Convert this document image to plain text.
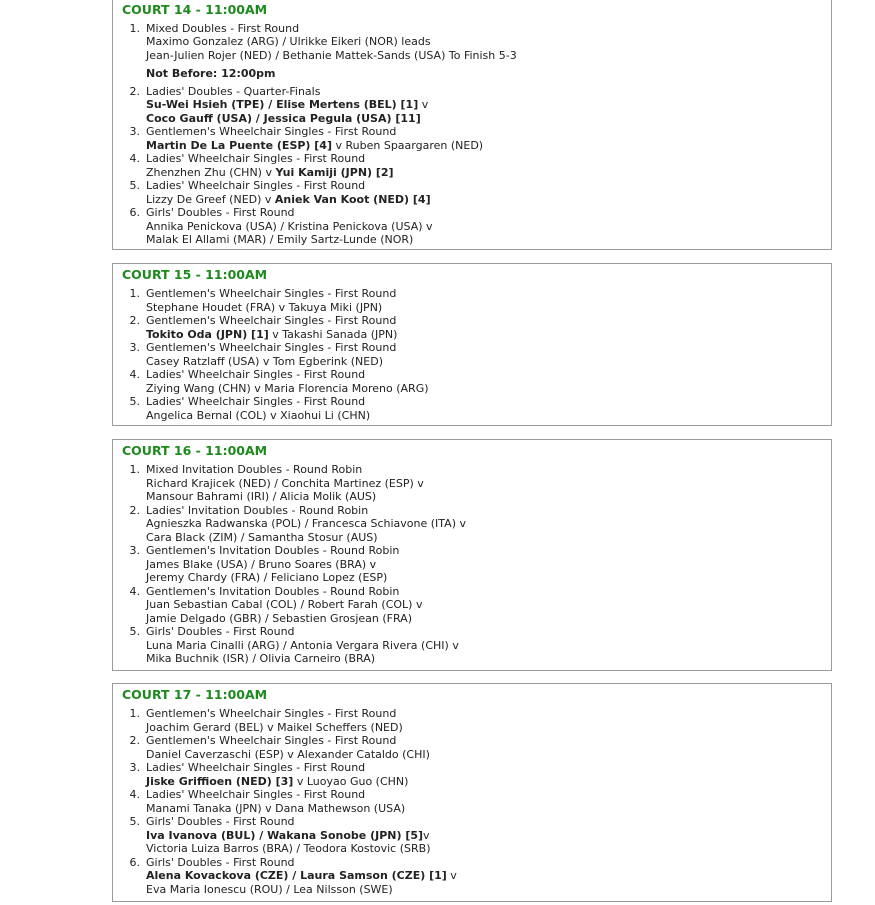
COURT 14 - 11:00AM
1. Mixed Doubles - First Round
Maximo Gonzalez (ARG) / Ulrikke Eikeri (NOR) leads
Jean-Julien Rojer (NED) / Bethanie Mattek-Sands (USA) To Finish 5-3
Not Before: 12:00pm
2. Ladies' Doubles - Quarter-Finals
Su-Wei Hsieh (TPE) / Elise Mertens (BEL) [1] v
Coco Gauff (USA) / Jessica Pegula (USA) [11]
3. Gentlemen's Wheelchair Singles - First Round
Martin De La Puente (ESP) [4] v Ruben Spaargaren (NED)
4. Ladies' Wheelchair Singles - First Round
Zhenzhen Zhu (CHN) v Yui Kamiji (JPN) [2]
5. Ladies' Wheelchair Singles - First Round
Lizzy De Greef (NED) v Aniek Van Koot (NED) [4]
6. Girls' Doubles - First Round
Annika Penickova (USA) / Kristina Penickova (USA) v
Malak El Allami (MAR) / Emily Sartz-Lunde (NOR)
COURT 15 - 11:00AM
1. Gentlemen's Wheelchair Singles - First Round
Stephane Houdet (FRA) v Takuya Miki (JPN)
2. Gentlemen's Wheelchair Singles - First Round
Tokito Oda (JPN) [1] v Takashi Sanada (JPN)
3. Gentlemen's Wheelchair Singles - First Round
Casey Ratzlaff (USA) v Tom Egberink (NED)
4. Ladies' Wheelchair Singles - First Round
Ziying Wang (CHN) v Maria Florencia Moreno (ARG)
5. Ladies' Wheelchair Singles - First Round
Angelica Bernal (COL) v Xiaohui Li (CHN)
COURT 16 - 11:00AM
1. Mixed Invitation Doubles - Round Robin
Richard Krajicek (NED) / Conchita Martinez (ESP) v
Mansour Bahrami (IRI) / Alicia Molik (AUS)
2. Ladies' Invitation Doubles - Round Robin
Agnieszka Radwanska (POL) / Francesca Schiavone (ITA) v
Cara Black (ZIM) / Samantha Stosur (AUS)
3. Gentlemen's Invitation Doubles - Round Robin
James Blake (USA) / Bruno Soares (BRA) v
Jeremy Chardy (FRA) / Feliciano Lopez (ESP)
4. Gentlemen's Invitation Doubles - Round Robin
Juan Sebastian Cabal (COL) / Robert Farah (COL) v
Jamie Delgado (GBR) / Sebastien Grosjean (FRA)
5. Girls' Doubles - First Round
Luna Maria Cinalli (ARG) / Antonia Vergara Rivera (CHI) v
Mika Buchnik (ISR) / Olivia Carneiro (BRA)
COURT 17 - 11:00AM
1. Gentlemen's Wheelchair Singles - First Round
Joachim Gerard (BEL) v Maikel Scheffers (NED)
2. Gentlemen's Wheelchair Singles - First Round
Daniel Caverzaschi (ESP) v Alexander Cataldo (CHI)
3. Ladies' Wheelchair Singles - First Round
Jiske Griffioen (NED) [3] v Luoyao Guo (CHN)
4. Ladies' Wheelchair Singles - First Round
Manami Tanaka (JPN) v Dana Mathewson (USA)
5. Girls' Doubles - First Round
Iva Ivanova (BUL) / Wakana Sonobe (JPN) [5]v
Victoria Luiza Barros (BRA) / Teodora Kostovic (SRB)
6. Girls' Doubles - First Round
Alena Kovackova (CZE) / Laura Samson (CZE) [1] v
Eva Maria Ionescu (ROU) / Lea Nilsson (SWE)
